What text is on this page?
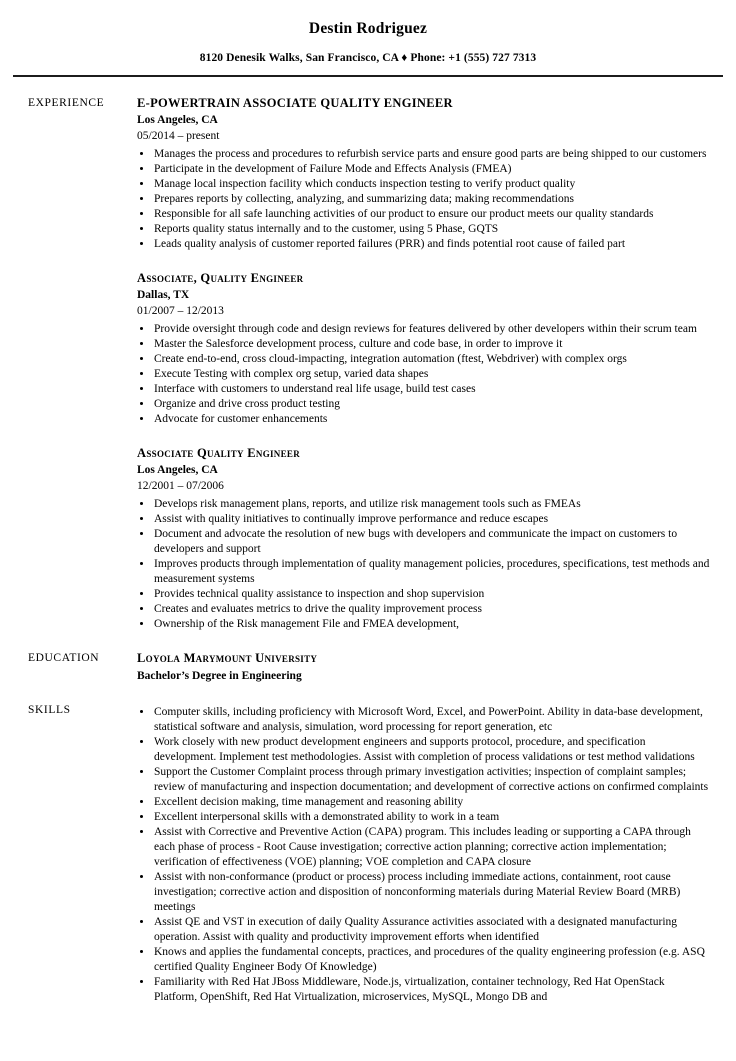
Destin Rodriguez
8120 Denesik Walks, San Francisco, CA ♦ Phone: +1 (555) 727 7313
EXPERIENCE	E-POWERTRAIN ASSOCIATE QUALITY ENGINEER
Los Angeles, CA
05/2014 – present
• Manages the process and procedures to refurbish service parts and ensure good parts are being shipped to our customers
• Participate in the development of Failure Mode and Effects Analysis (FMEA)
• Manage local inspection facility which conducts inspection testing to verify product quality
• Prepares reports by collecting, analyzing, and summarizing data; making recommendations
• Responsible for all safe launching activities of our product to ensure our product meets our quality standards
• Reports quality status internally and to the customer, using 5 Phase, GQTS
• Leads quality analysis of customer reported failures (PRR) and finds potential root cause of failed part
Associate, Quality Engineer
Dallas, TX
01/2007 – 12/2013
• Provide oversight through code and design reviews for features delivered by other developers within their scrum team
• Master the Salesforce development process, culture and code base, in order to improve it
• Create end-to-end, cross cloud-impacting, integration automation (ftest, Webdriver) with complex orgs
• Execute Testing with complex org setup, varied data shapes
• Interface with customers to understand real life usage, build test cases
• Organize and drive cross product testing
• Advocate for customer enhancements
Associate Quality Engineer
Los Angeles, CA
12/2001 – 07/2006
• Develops risk management plans, reports, and utilize risk management tools such as FMEAs
• Assist with quality initiatives to continually improve performance and reduce escapes
• Document and advocate the resolution of new bugs with developers and communicate the impact on customers to developers and support
• Improves products through implementation of quality management policies, procedures, specifications, test methods and measurement systems
• Provides technical quality assistance to inspection and shop supervision
• Creates and evaluates metrics to drive the quality improvement process
• Ownership of the Risk management File and FMEA development,
EDUCATION	Loyola Marymount University
Bachelor’s Degree in Engineering
SKILLS	• Computer skills, including proficiency with Microsoft Word, Excel, and PowerPoint. Ability in data-base development, statistical software and analysis, simulation, word processing for report generation, etc
• Work closely with new product development engineers and supports protocol, procedure, and specification development. Implement test methodologies. Assist with completion of process validations or test method validations
• Support the Customer Complaint process through primary investigation activities; inspection of complaint samples; review of manufacturing and inspection documentation; and development of corrective actions on confirmed complaints
• Excellent decision making, time management and reasoning ability
• Excellent interpersonal skills with a demonstrated ability to work in a team
• Assist with Corrective and Preventive Action (CAPA) program. This includes leading or supporting a CAPA through each phase of process - Root Cause investigation; corrective action planning; corrective action implementation; verification of effectiveness (VOE) planning; VOE completion and CAPA closure
• Assist with non-conformance (product or process) process including immediate actions, containment, root cause investigation; corrective action and disposition of nonconforming materials during Material Review Board (MRB) meetings
• Assist QE and VST in execution of daily Quality Assurance activities associated with a designated manufacturing operation. Assist with quality and productivity improvement efforts when identified
• Knows and applies the fundamental concepts, practices, and procedures of the quality engineering profession (e.g. ASQ certified Quality Engineer Body Of Knowledge)
• Familiarity with Red Hat JBoss Middleware, Node.js, virtualization, container technology, Red Hat OpenStack Platform, OpenShift, Red Hat Virtualization, microservices, MySQL, Mongo DB and
